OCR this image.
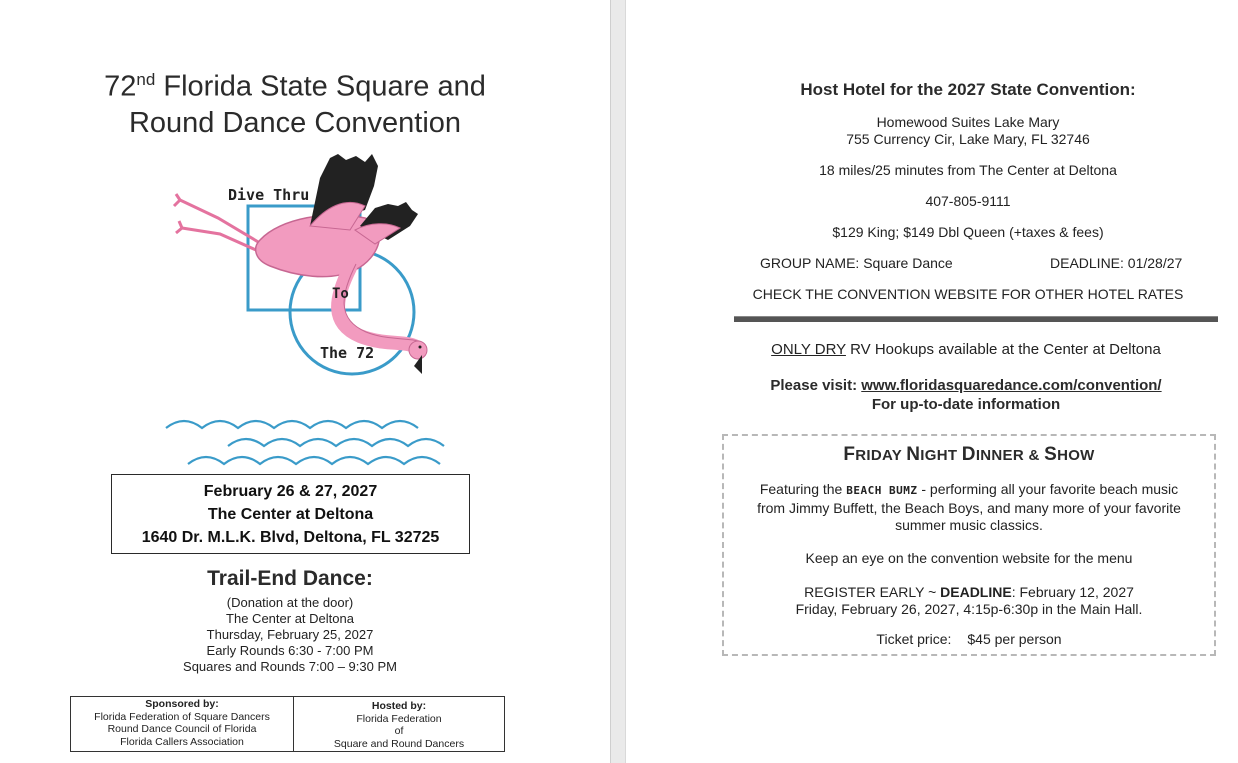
72nd Florida State Square and
Round Dance Convention
Dive Thru
To
The 72
February 26 & 27, 2027
The Center at Deltona
1640 Dr. M.L.K. Blvd, Deltona, FL 32725
Trail-End Dance:
(Donation at the door)
The Center at Deltona
Thursday, February 25, 2027
Early Rounds 6:30 - 7:00 PM
Squares and Rounds 7:00 – 9:30 PM
Sponsored by:
Florida Federation of Square Dancers
Round Dance Council of Florida
Florida Callers Association
Hosted by:
Florida Federation
of
Square and Round Dancers
Host Hotel for the 2027 State Convention:
Homewood Suites Lake Mary
755 Currency Cir, Lake Mary, FL 32746
18 miles/25 minutes from The Center at Deltona
407-805-9111
$129 King; $149 Dbl Queen (+taxes & fees)
GROUP NAME: Square Dance	DEADLINE: 01/28/27
CHECK THE CONVENTION WEBSITE FOR OTHER HOTEL RATES
ONLY DRY RV Hookups available at the Center at Deltona
Please visit: www.floridasquaredance.com/convention/
For up-to-date information
FRIDAY NIGHT DINNER & SHOW
Featuring the BEACH BUMZ - performing all your favorite beach music
from Jimmy Buffett, the Beach Boys, and many more of your favorite
summer music classics.
Keep an eye on the convention website for the menu
REGISTER EARLY ~ DEADLINE: February 12, 2027
Friday, February 26, 2027, 4:15p-6:30p in the Main Hall.
Ticket price: $45 per person
